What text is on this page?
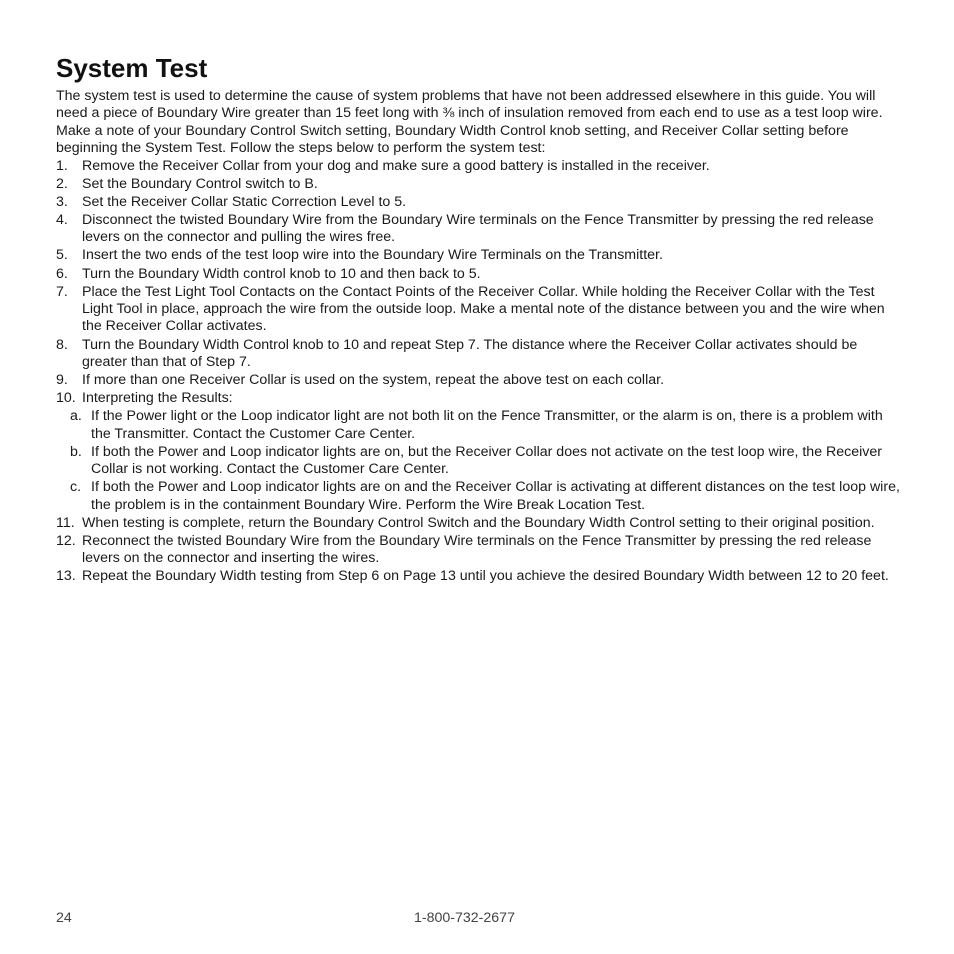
System Test

The system test is used to determine the cause of system problems that have not been addressed elsewhere in this guide. You will need a piece of Boundary Wire greater than 15 feet long with ⅜ inch of insulation removed from each end to use as a test loop wire. Make a note of your Boundary Control Switch setting, Boundary Width Control knob setting, and Receiver Collar setting before beginning the System Test. Follow the steps below to perform the system test:

1. Remove the Receiver Collar from your dog and make sure a good battery is installed in the receiver.
2. Set the Boundary Control switch to B.
3. Set the Receiver Collar Static Correction Level to 5.
4. Disconnect the twisted Boundary Wire from the Boundary Wire terminals on the Fence Transmitter by pressing the red release levers on the connector and pulling the wires free.
5. Insert the two ends of the test loop wire into the Boundary Wire Terminals on the Transmitter.
6. Turn the Boundary Width control knob to 10 and then back to 5.
7. Place the Test Light Tool Contacts on the Contact Points of the Receiver Collar. While holding the Receiver Collar with the Test Light Tool in place, approach the wire from the outside loop. Make a mental note of the distance between you and the wire when the Receiver Collar activates.
8. Turn the Boundary Width Control knob to 10 and repeat Step 7. The distance where the Receiver Collar activates should be greater than that of Step 7.
9. If more than one Receiver Collar is used on the system, repeat the above test on each collar.
10. Interpreting the Results:
a. If the Power light or the Loop indicator light are not both lit on the Fence Transmitter, or the alarm is on, there is a problem with the Transmitter. Contact the Customer Care Center.
b. If both the Power and Loop indicator lights are on, but the Receiver Collar does not activate on the test loop wire, the Receiver Collar is not working. Contact the Customer Care Center.
c. If both the Power and Loop indicator lights are on and the Receiver Collar is activating at different distances on the test loop wire, the problem is in the containment Boundary Wire. Perform the Wire Break Location Test.
11. When testing is complete, return the Boundary Control Switch and the Boundary Width Control setting to their original position.
12. Reconnect the twisted Boundary Wire from the Boundary Wire terminals on the Fence Transmitter by pressing the red release levers on the connector and inserting the wires.
13. Repeat the Boundary Width testing from Step 6 on Page 13 until you achieve the desired Boundary Width between 12 to 20 feet.
24	1-800-732-2677
